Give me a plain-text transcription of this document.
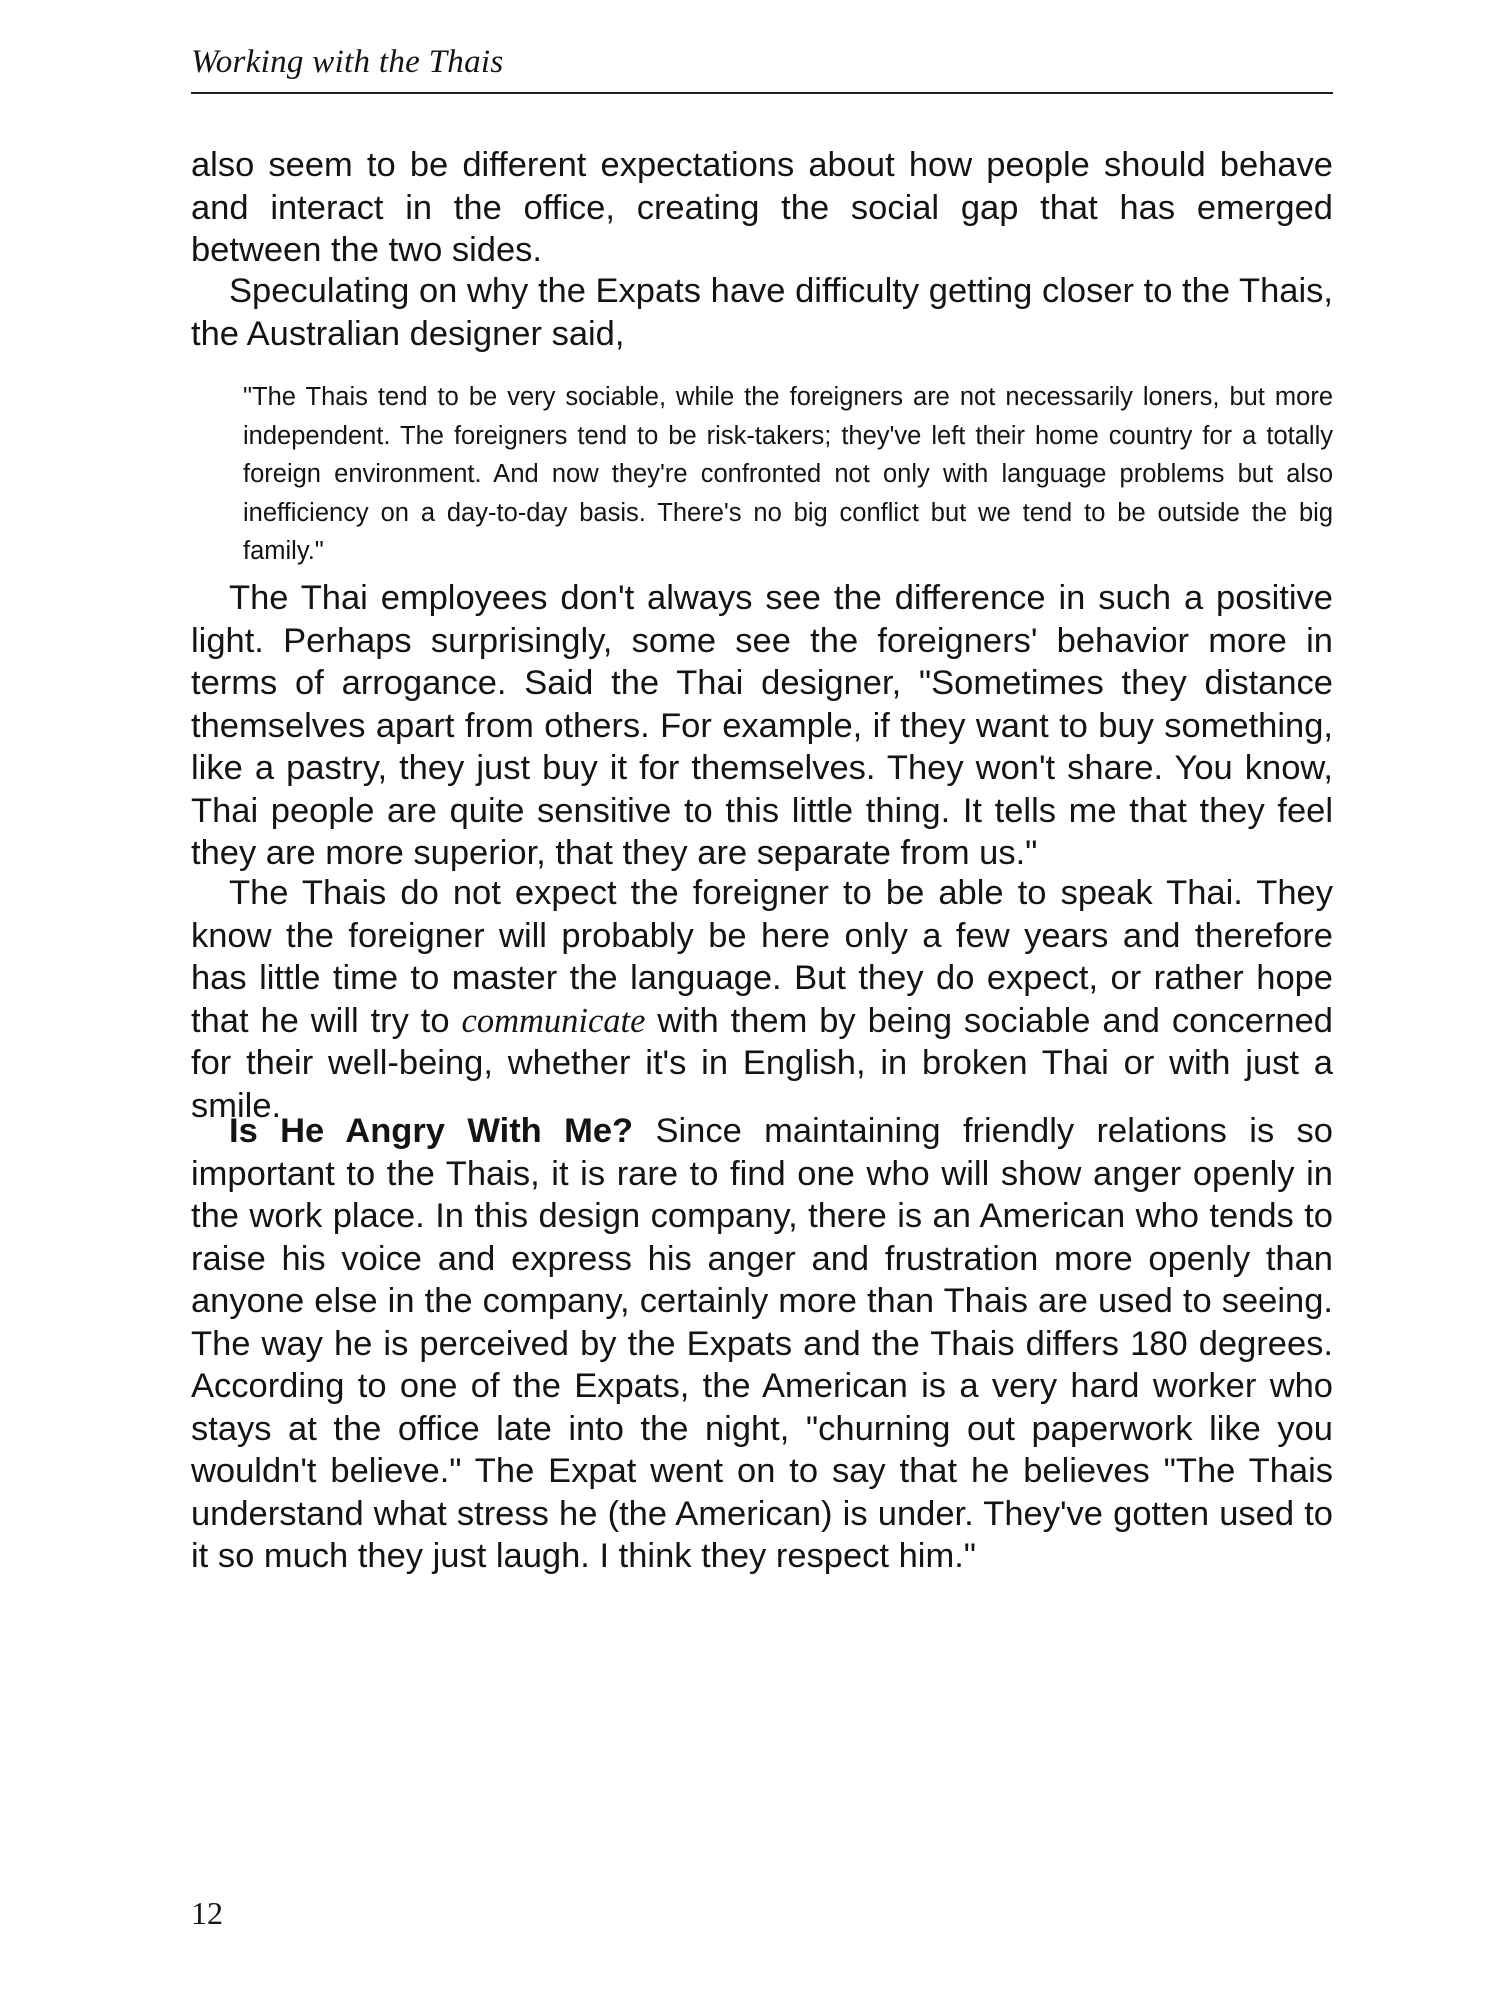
Working with the Thais

also seem to be different expectations about how people should behave and interact in the office, creating the social gap that has emerged between the two sides.

Speculating on why the Expats have difficulty getting closer to the Thais, the Australian designer said,

"The Thais tend to be very sociable, while the foreigners are not necessarily loners, but more independent. The foreigners tend to be risk-takers; they've left their home country for a totally foreign environment. And now they're confronted not only with language problems but also inefficiency on a day-to-day basis. There's no big conflict but we tend to be outside the big family."

The Thai employees don't always see the difference in such a positive light. Perhaps surprisingly, some see the foreigners' behavior more in terms of arrogance. Said the Thai designer, "Sometimes they distance themselves apart from others. For example, if they want to buy something, like a pastry, they just buy it for themselves. They won't share. You know, Thai people are quite sensitive to this little thing. It tells me that they feel they are more superior, that they are separate from us."

The Thais do not expect the foreigner to be able to speak Thai. They know the foreigner will probably be here only a few years and therefore has little time to master the language. But they do expect, or rather hope that he will try to communicate with them by being sociable and concerned for their well-being, whether it's in English, in broken Thai or with just a smile.

Is He Angry With Me? Since maintaining friendly relations is so important to the Thais, it is rare to find one who will show anger openly in the work place. In this design company, there is an American who tends to raise his voice and express his anger and frustration more openly than anyone else in the company, certainly more than Thais are used to seeing. The way he is perceived by the Expats and the Thais differs 180 degrees. According to one of the Expats, the American is a very hard worker who stays at the office late into the night, "churning out paperwork like you wouldn't believe." The Expat went on to say that he believes "The Thais understand what stress he (the American) is under. They've gotten used to it so much they just laugh. I think they respect him."

12
